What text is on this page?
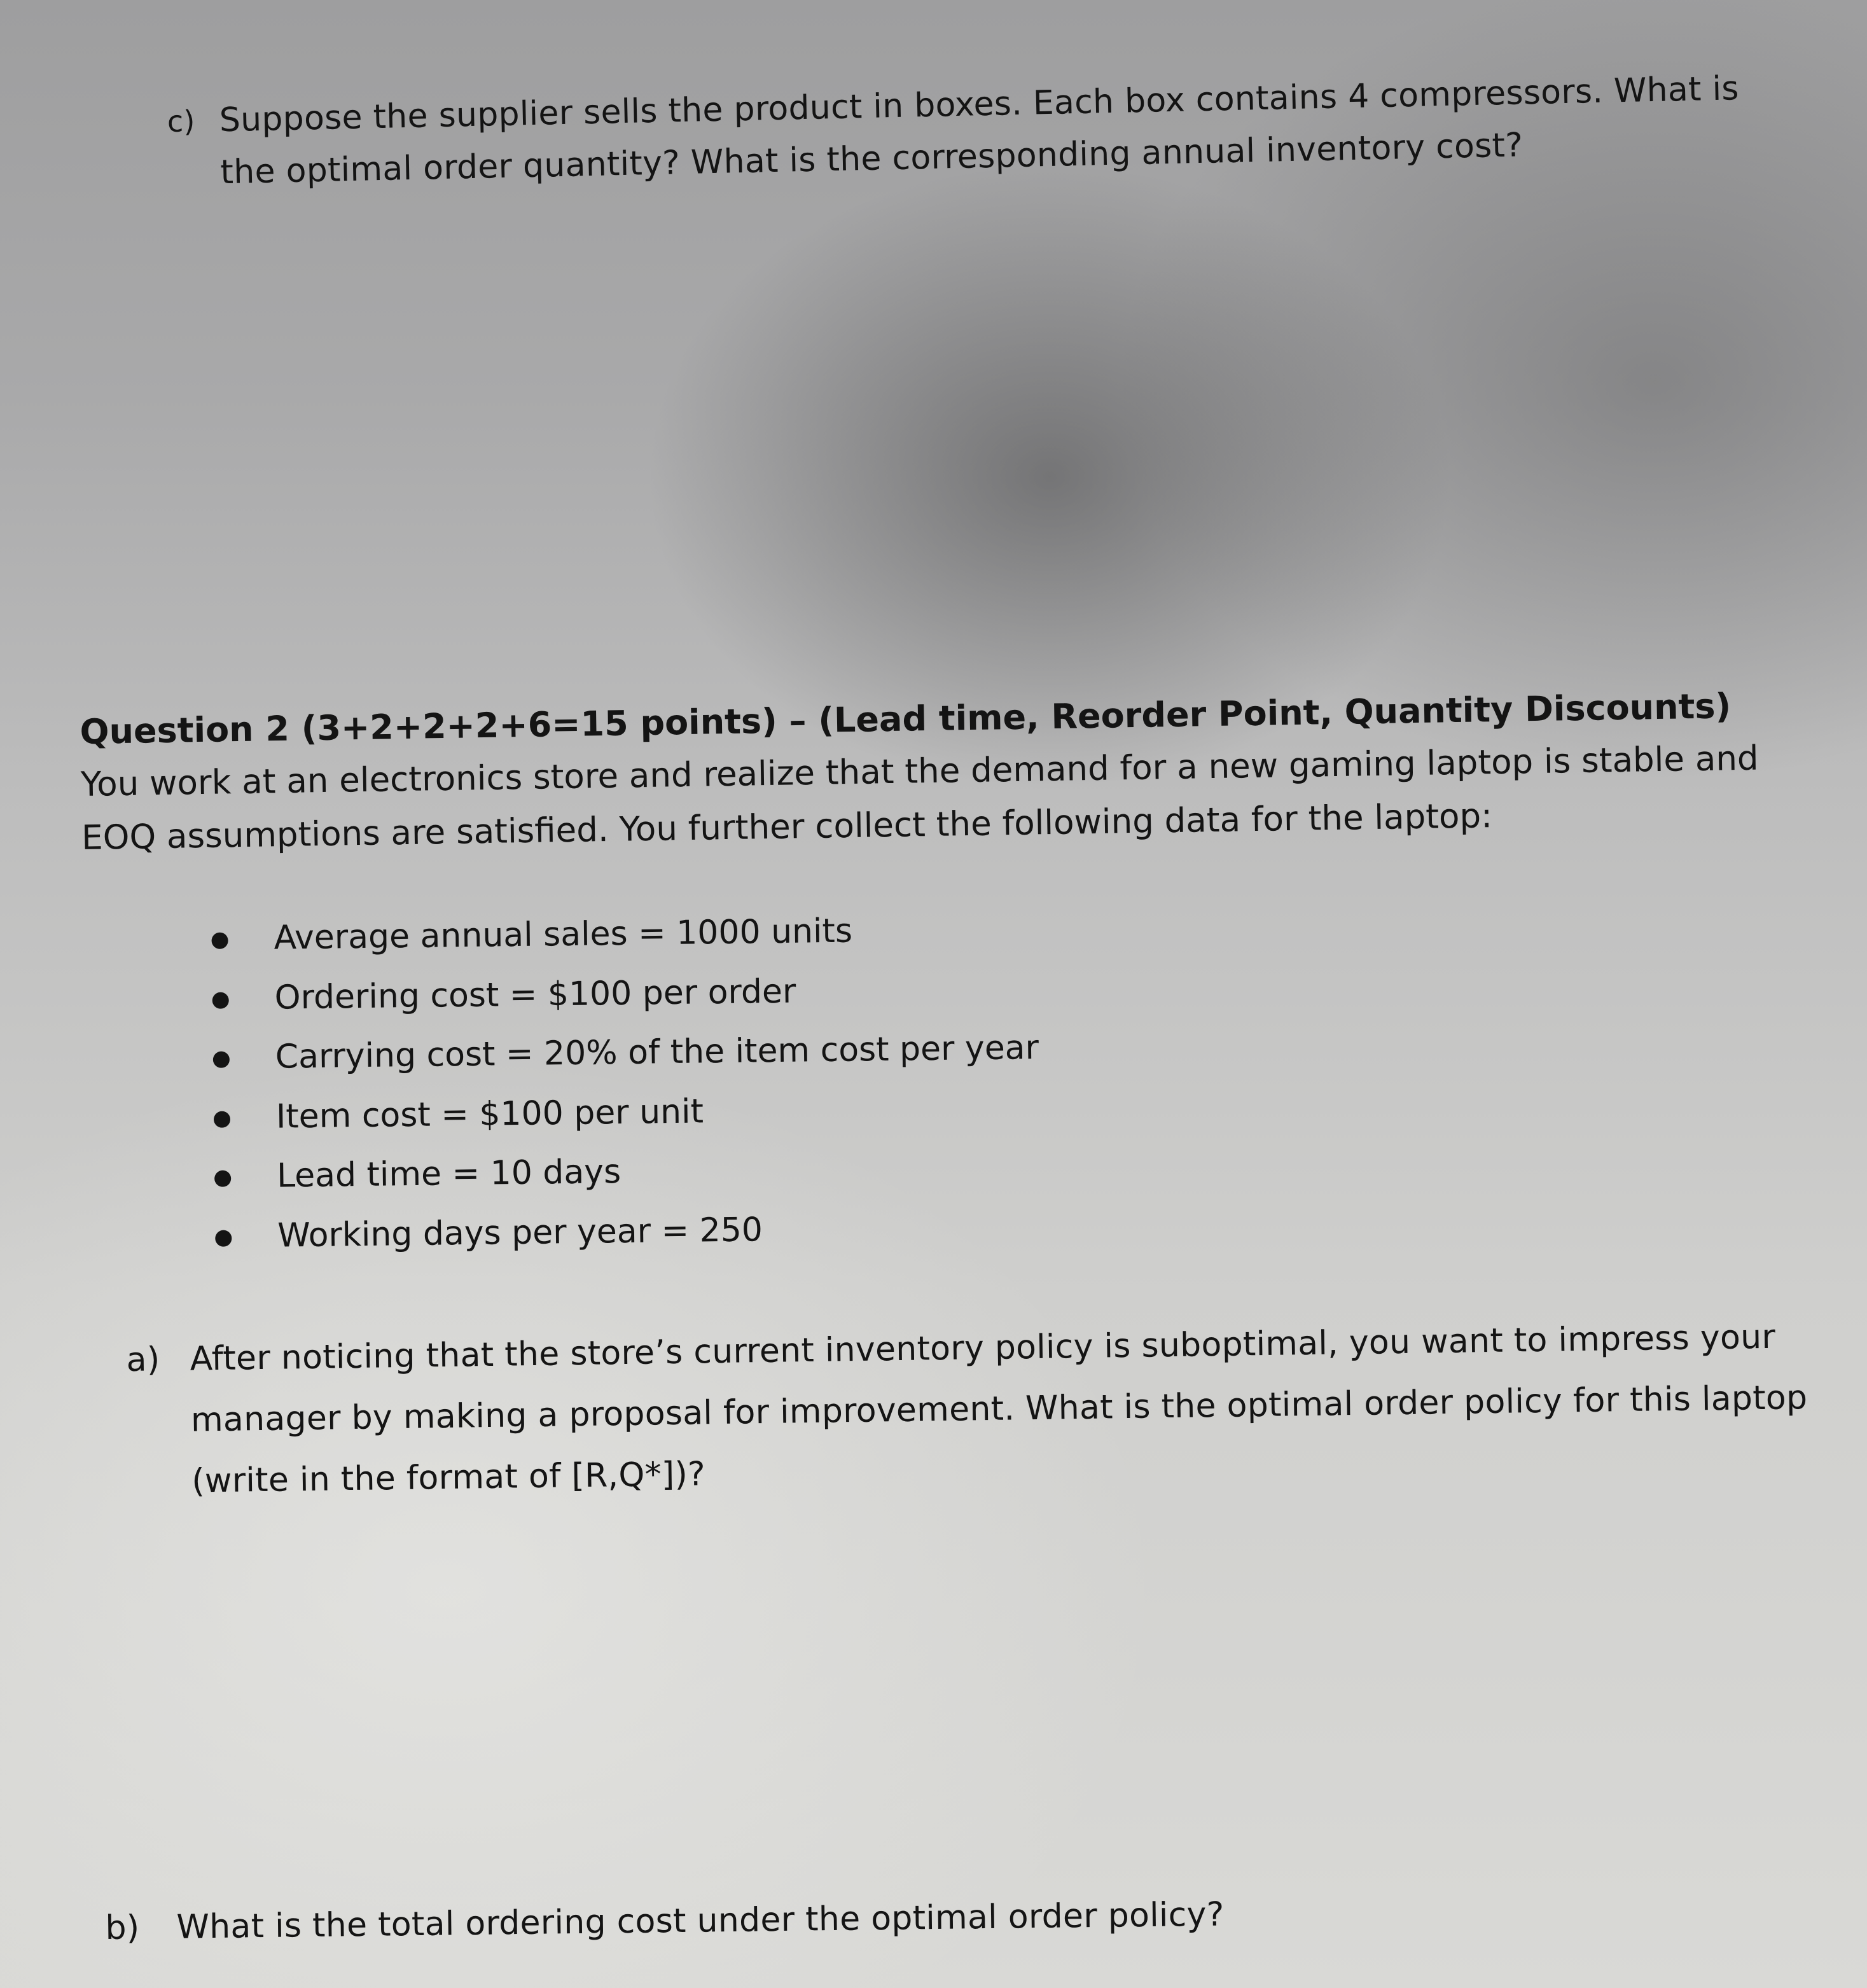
c) Suppose the supplier sells the product in boxes. Each box contains 4 compressors. What is the optimal order quantity? What is the corresponding annual inventory cost?
Question 2 (3+2+2+2+6=15 points) – (Lead time, Reorder Point, Quantity Discounts)
You work at an electronics store and realize that the demand for a new gaming laptop is stable and EOQ assumptions are satisfied. You further collect the following data for the laptop:
Average annual sales = 1000 units
Ordering cost = $100 per order
Carrying cost = 20% of the item cost per year
Item cost = $100 per unit
Lead time = 10 days
Working days per year = 250
a) After noticing that the store’s current inventory policy is suboptimal, you want to impress your manager by making a proposal for improvement. What is the optimal order policy for this laptop (write in the format of [R,Q*])?
b) What is the total ordering cost under the optimal order policy?
